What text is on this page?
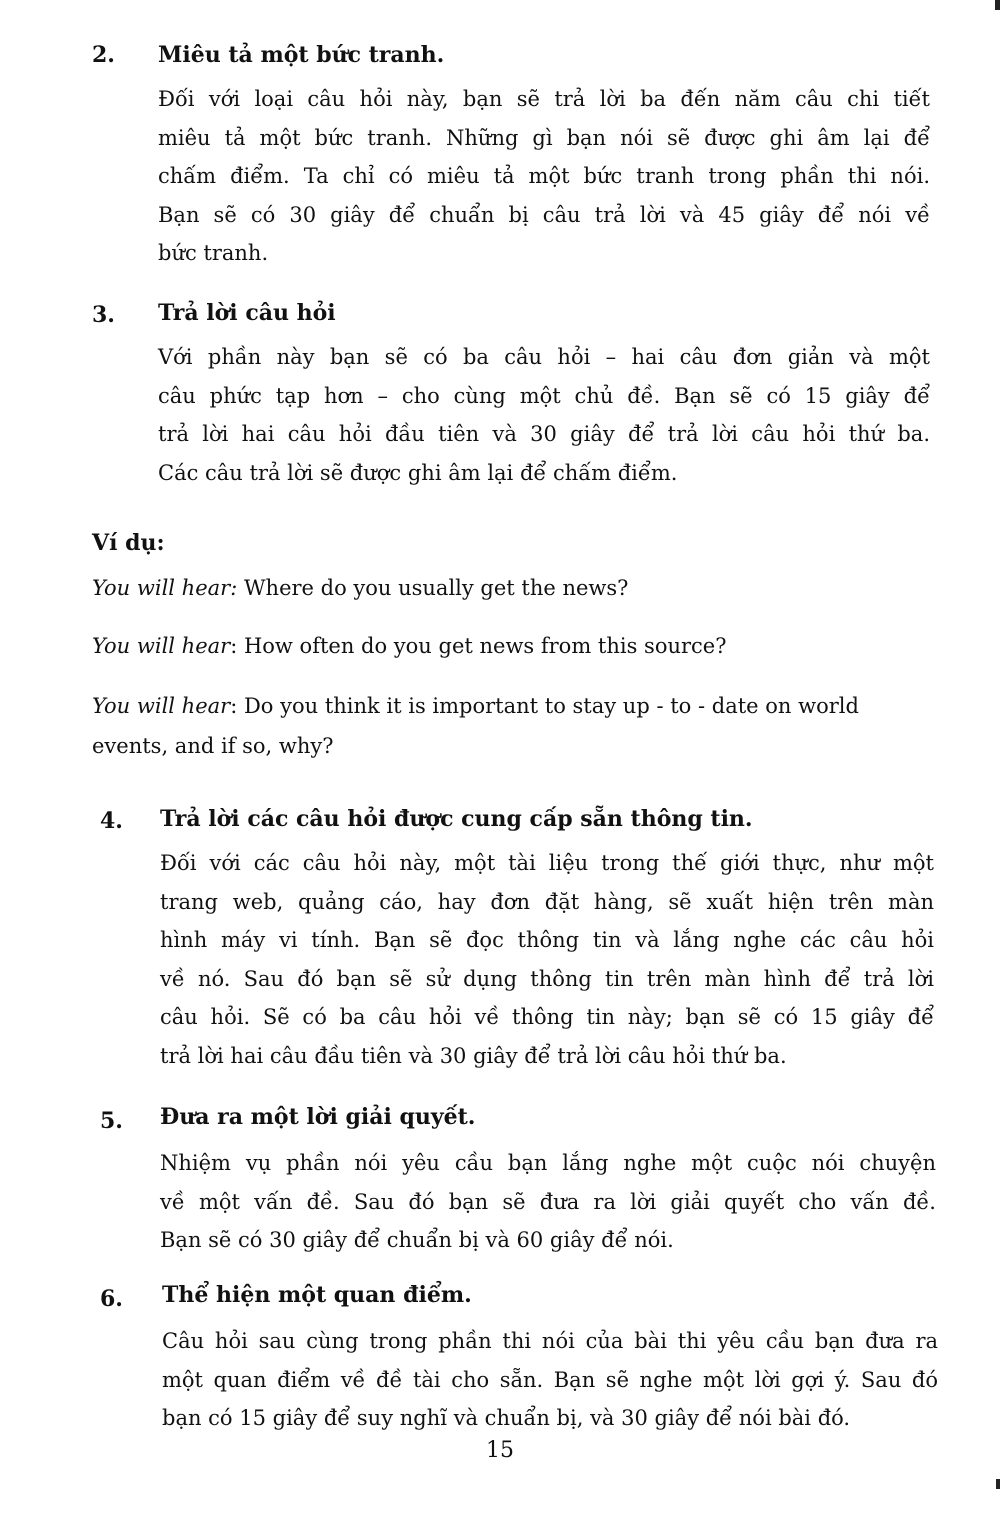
2. Miêu tả một bức tranh.
Đối với loại câu hỏi này, bạn sẽ trả lời ba đến năm câu chi tiết
miêu tả một bức tranh. Những gì bạn nói sẽ được ghi âm lại để
chấm điểm. Ta chỉ có miêu tả một bức tranh trong phần thi nói.
Bạn sẽ có 30 giây để chuẩn bị câu trả lời và 45 giây để nói về
bức tranh.
3. Trả lời câu hỏi
Với phần này bạn sẽ có ba câu hỏi – hai câu đơn giản và một
câu phức tạp hơn – cho cùng một chủ đề. Bạn sẽ có 15 giây để
trả lời hai câu hỏi đầu tiên và 30 giây để trả lời câu hỏi thứ ba.
Các câu trả lời sẽ được ghi âm lại để chấm điểm.
Ví dụ:
You will hear: Where do you usually get the news?
You will hear: How often do you get news from this source?
You will hear: Do you think it is important to stay up - to - date on world events, and if so, why?
4. Trả lời các câu hỏi được cung cấp sẵn thông tin.
Đối với các câu hỏi này, một tài liệu trong thế giới thực, như một
trang web, quảng cáo, hay đơn đặt hàng, sẽ xuất hiện trên màn
hình máy vi tính. Bạn sẽ đọc thông tin và lắng nghe các câu hỏi
về nó. Sau đó bạn sẽ sử dụng thông tin trên màn hình để trả lời
câu hỏi. Sẽ có ba câu hỏi về thông tin này; bạn sẽ có 15 giây để
trả lời hai câu đầu tiên và 30 giây để trả lời câu hỏi thứ ba.
5. Đưa ra một lời giải quyết.
Nhiệm vụ phần nói yêu cầu bạn lắng nghe một cuộc nói chuyện
về một vấn đề. Sau đó bạn sẽ đưa ra lời giải quyết cho vấn đề.
Bạn sẽ có 30 giây để chuẩn bị và 60 giây để nói.
6. Thể hiện một quan điểm.
Câu hỏi sau cùng trong phần thi nói của bài thi yêu cầu bạn đưa ra
một quan điểm về đề tài cho sẵn. Bạn sẽ nghe một lời gợi ý. Sau đó
bạn có 15 giây để suy nghĩ và chuẩn bị, và 30 giây để nói bài đó.
15
